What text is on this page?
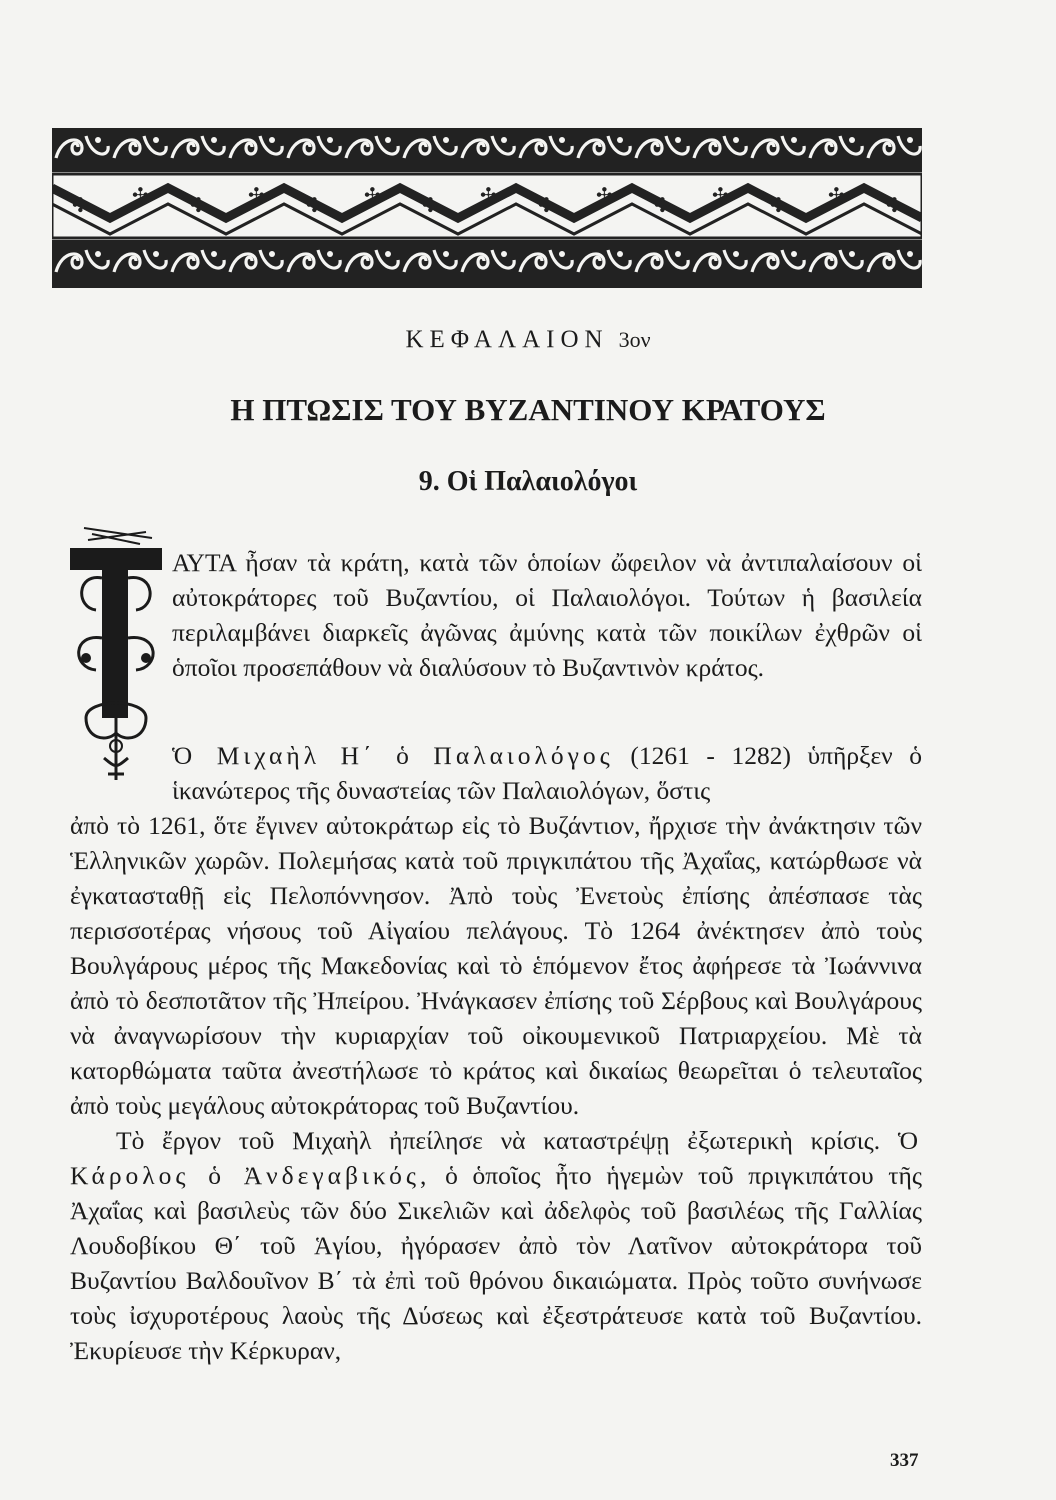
✣ ✣ ✣ ✣ ✣ ✣ ✣ ✣ ✣ ✣ ✣ ✣ ✣ ✣ ✣
ΚΕΦΑΛΑΙΟΝ 3ον
Η ΠΤΩΣΙΣ ΤΟΥ ΒΥΖΑΝΤΙΝΟΥ ΚΡΑΤΟΥΣ
9. Οἱ Παλαιολόγοι

ΑΥΤΑ ἦσαν τὰ κράτη, κατὰ τῶν ὁποίων ὤφειλον νὰ ἀντιπαλαίσουν οἱ αὐτοκράτορες τοῦ Βυζαντίου, οἱ Παλαιολόγοι. Τούτων ἡ βασιλεία περιλαμβάνει διαρκεῖς ἀγῶνας ἀμύνης κατὰ τῶν ποικίλων ἐχθρῶν οἱ ὁποῖοι προσεπάθουν νὰ διαλύσουν τὸ Βυζαντινὸν κράτος.

Ὁ Μιχαὴλ Η΄ ὁ Παλαιολόγος (1261 - 1282) ὑπῆρξεν ὁ ἱκανώτερος τῆς δυναστείας τῶν Παλαιολόγων, ὅστις

ἀπὸ τὸ 1261, ὅτε ἔγινεν αὐτοκράτωρ εἰς τὸ Βυζάντιον, ἤρχισε τὴν ἀνάκτησιν τῶν Ἑλληνικῶν χωρῶν. Πολεμήσας κατὰ τοῦ πριγκιπάτου τῆς Ἀχαΐας, κατώρθωσε νὰ ἐγκατασταθῇ εἰς Πελοπόννησον. Ἀπὸ τοὺς Ἐνετοὺς ἐπίσης ἀπέσπασε τὰς περισσοτέρας νήσους τοῦ Αἰγαίου πελάγους. Τὸ 1264 ἀνέκτησεν ἀπὸ τοὺς Βουλγάρους μέρος τῆς Μακεδονίας καὶ τὸ ἑπόμενον ἔτος ἀφήρεσε τὰ Ἰωάννινα ἀπὸ τὸ δεσποτᾶτον τῆς Ἠπείρου. Ἠνάγκασεν ἐπίσης τοῦ Σέρβους καὶ Βουλγάρους νὰ ἀναγνωρίσουν τὴν κυριαρχίαν τοῦ οἰκουμενικοῦ Πατριαρχείου. Μὲ τὰ κατορθώματα ταῦτα ἀνεστήλωσε τὸ κράτος καὶ δικαίως θεωρεῖται ὁ τελευταῖος ἀπὸ τοὺς μεγάλους αὐτοκράτορας τοῦ Βυζαντίου.

Τὸ ἔργον τοῦ Μιχαὴλ ἠπείλησε νὰ καταστρέψῃ ἐξωτερικὴ κρίσις. Ὁ Κάρολος ὁ Ἀνδεγαβικός, ὁ ὁποῖος ἦτο ἡγεμὼν τοῦ πριγκιπάτου τῆς Ἀχαΐας καὶ βασιλεὺς τῶν δύο Σικελιῶν καὶ ἀδελφὸς τοῦ βασιλέως τῆς Γαλλίας Λουδοβίκου Θ΄ τοῦ Ἁγίου, ἠγόρασεν ἀπὸ τὸν Λατῖνον αὐτοκράτορα τοῦ Βυζαντίου Βαλδουῖνον Β΄ τὰ ἐπὶ τοῦ θρόνου δικαιώματα. Πρὸς τοῦτο συνήνωσε τοὺς ἰσχυροτέρους λαοὺς τῆς Δύσεως καὶ ἐξεστράτευσε κατὰ τοῦ Βυζαντίου. Ἐκυρίευσε τὴν Κέρκυραν,

337
